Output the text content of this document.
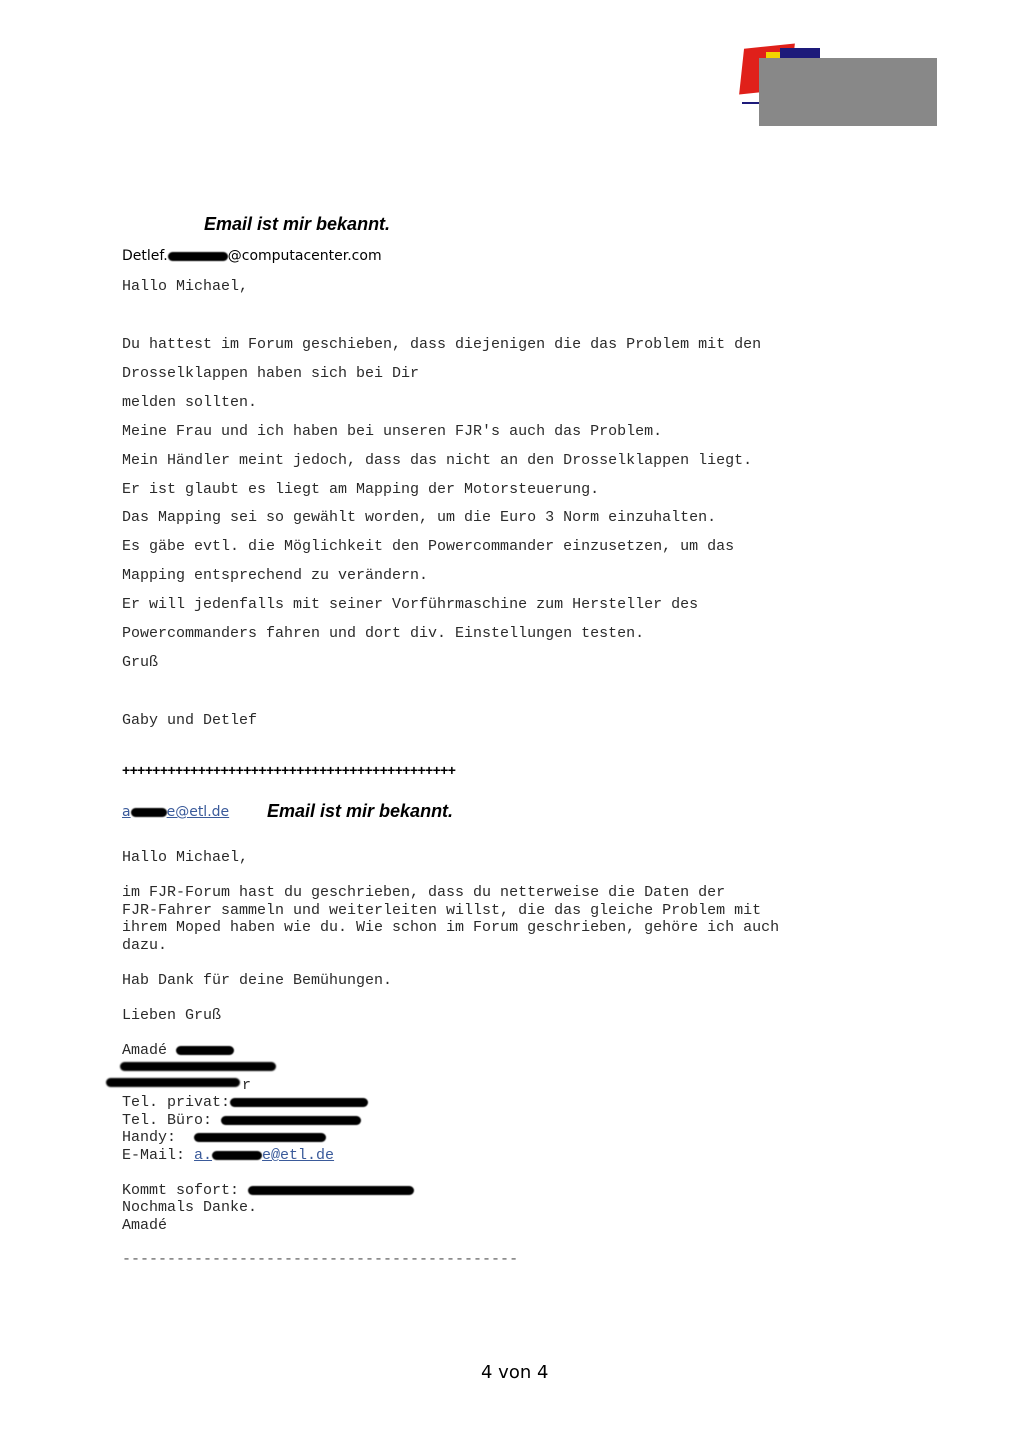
Email ist mir bekannt.

Detlef.	@computacenter.com

Hallo Michael,

Du hattest im Forum geschieben, dass diejenigen die das Problem mit den

Drosselklappen haben sich bei Dir

melden sollten.

Meine Frau und ich haben bei unseren FJR's auch das Problem.

Mein Händler meint jedoch, dass das nicht an den Drosselklappen liegt.

Er ist glaubt es liegt am Mapping der Motorsteuerung.

Das Mapping sei so gewählt worden, um die Euro 3 Norm einzuhalten.

Es gäbe evtl. die Möglichkeit den Powercommander einzusetzen, um das

Mapping entsprechend zu verändern.

Er will jedenfalls mit seiner Vorführmaschine zum Hersteller des

Powercommanders fahren und dort div. Einstellungen testen.

Gruß

Gaby und Detlef

++++++++++++++++++++++++++++++++++++++++++++

a	e@etl.de Email ist mir bekannt.

Hallo Michael,

im FJR-Forum hast du geschrieben, dass du netterweise die Daten der

FJR-Fahrer sammeln und weiterleiten willst, die das gleiche Problem mit

ihrem Moped haben wie du. Wie schon im Forum geschrieben, gehöre ich auch

dazu.

Hab Dank für deine Bemühungen.

Lieben Gruß

Amadé

r

Tel. privat:

Tel. Büro:

Handy:

E-Mail: a.	e@etl.de

Kommt sofort:

Nochmals Danke.

Amadé

--------------------------------------------

4 von 4
